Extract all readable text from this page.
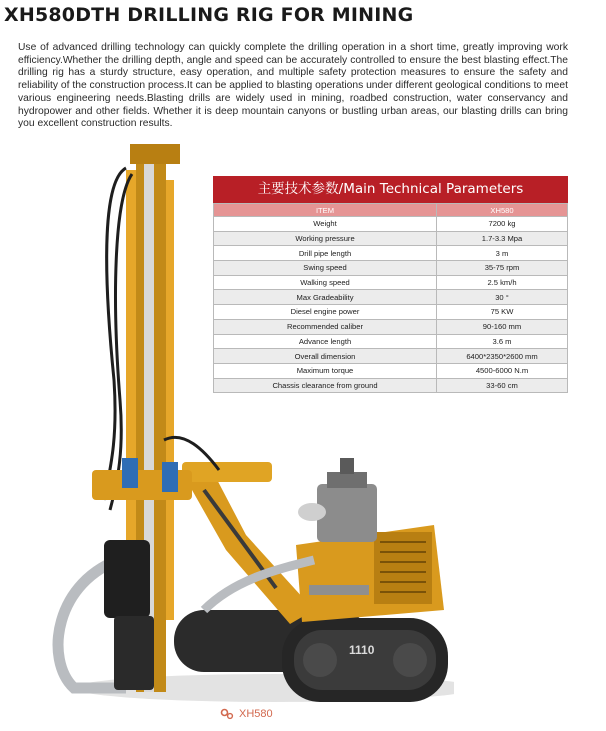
XH580DTH DRILLING RIG FOR MINING

Use of advanced drilling technology can quickly complete the drilling operation in a short time, greatly improving work efficiency.Whether the drilling depth, angle and speed can be accurately controlled to ensure the best blasting effect.The drilling rig has a sturdy structure, easy operation, and multiple safety protection measures to ensure the safety and reliability of the construction process.It can be applied to blasting operations under different geological conditions to meet various engineering needs.Blasting drills are widely used in mining, roadbed construction, water conservancy and hydropower and other fields. Whether it is deep mountain canyons or bustling urban areas, our blasting drills can bring you excellent construction results.

主要技术参数/Main Technical Parameters
ITEM	XH580
Weight	7200 kg
Working pressure	1.7-3.3 Mpa
Drill pipe length	3 m
Swing speed	35-75 rpm
Walking speed	2.5 km/h
Max Gradeability	30 °
Diesel engine power	75 KW
Recommended caliber	90-160 mm
Advance length	3.6 m
Overall dimension	6400*2350*2600 mm
Maximum torque	4500-6000 N.m
Chassis clearance from ground	33-60 cm
1110
XH580
